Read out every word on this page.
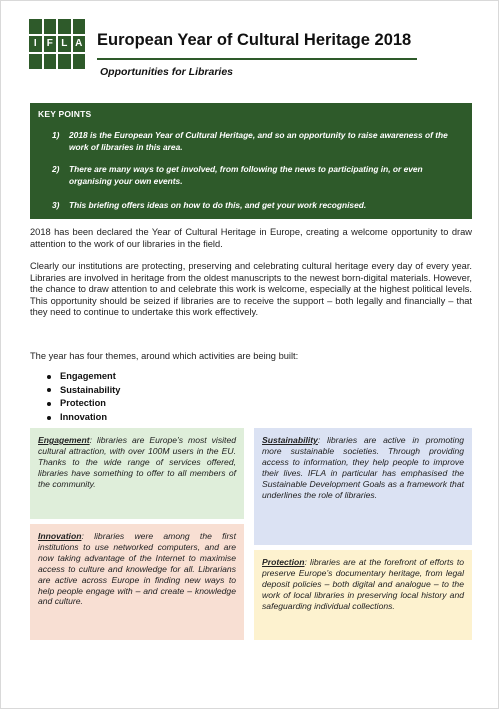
I	F L A European Year of Cultural Heritage 2018
Opportunities for Libraries
KEY POINTS
1)	2018 is the European Year of Cultural Heritage, and so an opportunity to raise awareness of the work of libraries in this area.
2)	There are many ways to get involved, from following the news to participating in, or even organising your own events.
3)	This briefing offers ideas on how to do this, and get your work recognised.

2018 has been declared the Year of Cultural Heritage in Europe, creating a welcome opportunity to draw attention to the work of our libraries in the field.

Clearly our institutions are protecting, preserving and celebrating cultural heritage every day of every year. Libraries are involved in heritage from the oldest manuscripts to the newest born-digital materials. However, the chance to draw attention to and celebrate this work is welcome, especially at the highest political levels. This opportunity should be seized if libraries are to receive the support – both legally and financially – that they need to continue to undertake this work effectively.

The year has four themes, around which activities are being built:

Engagement
Sustainability
Protection
Innovation
Engagement: libraries are Europe’s most visited cultural attraction, with over 100M users in the EU. Thanks to the wide range of services offered, libraries have something to offer to all members of the community.
Sustainability: libraries are active in promoting more sustainable societies. Through providing access to information, they help people to improve their lives. IFLA in particular has emphasised the Sustainable Development Goals as a framework that underlines the role of libraries.
Innovation: libraries were among the first institutions to use networked computers, and are now taking advantage of the Internet to maximise access to culture and knowledge for all. Librarians are active across Europe in finding new ways to help people engage with – and create – knowledge and culture.
Protection: libraries are at the forefront of efforts to preserve Europe’s documentary heritage, from legal deposit policies – both digital and analogue – to the work of local libraries in preserving local history and safeguarding individual collections.
